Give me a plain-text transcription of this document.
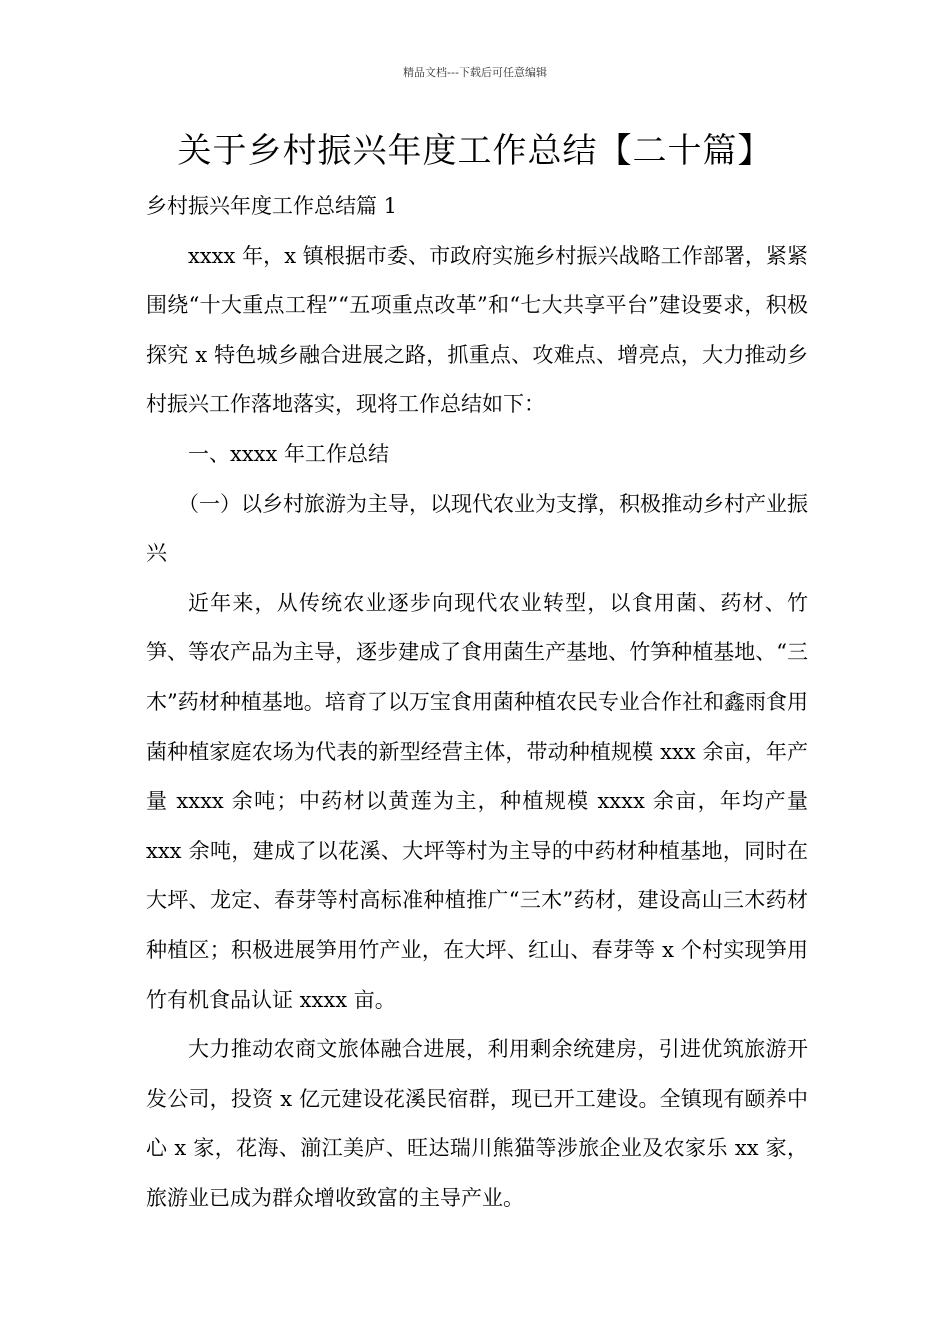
精品文档---下载后可任意编辑
关于乡村振兴年度工作总结【二十篇】

乡村振兴年度工作总结篇 1

xxxx 年，x 镇根据市委、市政府实施乡村振兴战略工作部署，紧紧围绕“十大重点工程”“五项重点改革”和“七大共享平台”建设要求，积极探究 x 特色城乡融合进展之路，抓重点、攻难点、增亮点，大力推动乡村振兴工作落地落实，现将工作总结如下：

一、xxxx 年工作总结

（一）以乡村旅游为主导，以现代农业为支撑，积极推动乡村产业振兴

近年来，从传统农业逐步向现代农业转型，以食用菌、药材、竹笋、等农产品为主导，逐步建成了食用菌生产基地、竹笋种植基地、“三木”药材种植基地。培育了以万宝食用菌种植农民专业合作社和鑫雨食用菌种植家庭农场为代表的新型经营主体，带动种植规模 xxx 余亩，年产量 xxxx 余吨；中药材以黄莲为主，种植规模 xxxx 余亩，年均产量 xxx 余吨，建成了以花溪、大坪等村为主导的中药材种植基地，同时在大坪、龙定、春芽等村高标准种植推广“三木”药材，建设高山三木药材种植区；积极进展笋用竹产业，在大坪、红山、春芽等 x 个村实现笋用竹有机食品认证 xxxx 亩。

大力推动农商文旅体融合进展，利用剩余统建房，引进优筑旅游开发公司，投资 x 亿元建设花溪民宿群，现已开工建设。全镇现有颐养中心 x 家，花海、湔江美庐、旺达瑞川熊猫等涉旅企业及农家乐 xx 家，旅游业已成为群众增收致富的主导产业。
